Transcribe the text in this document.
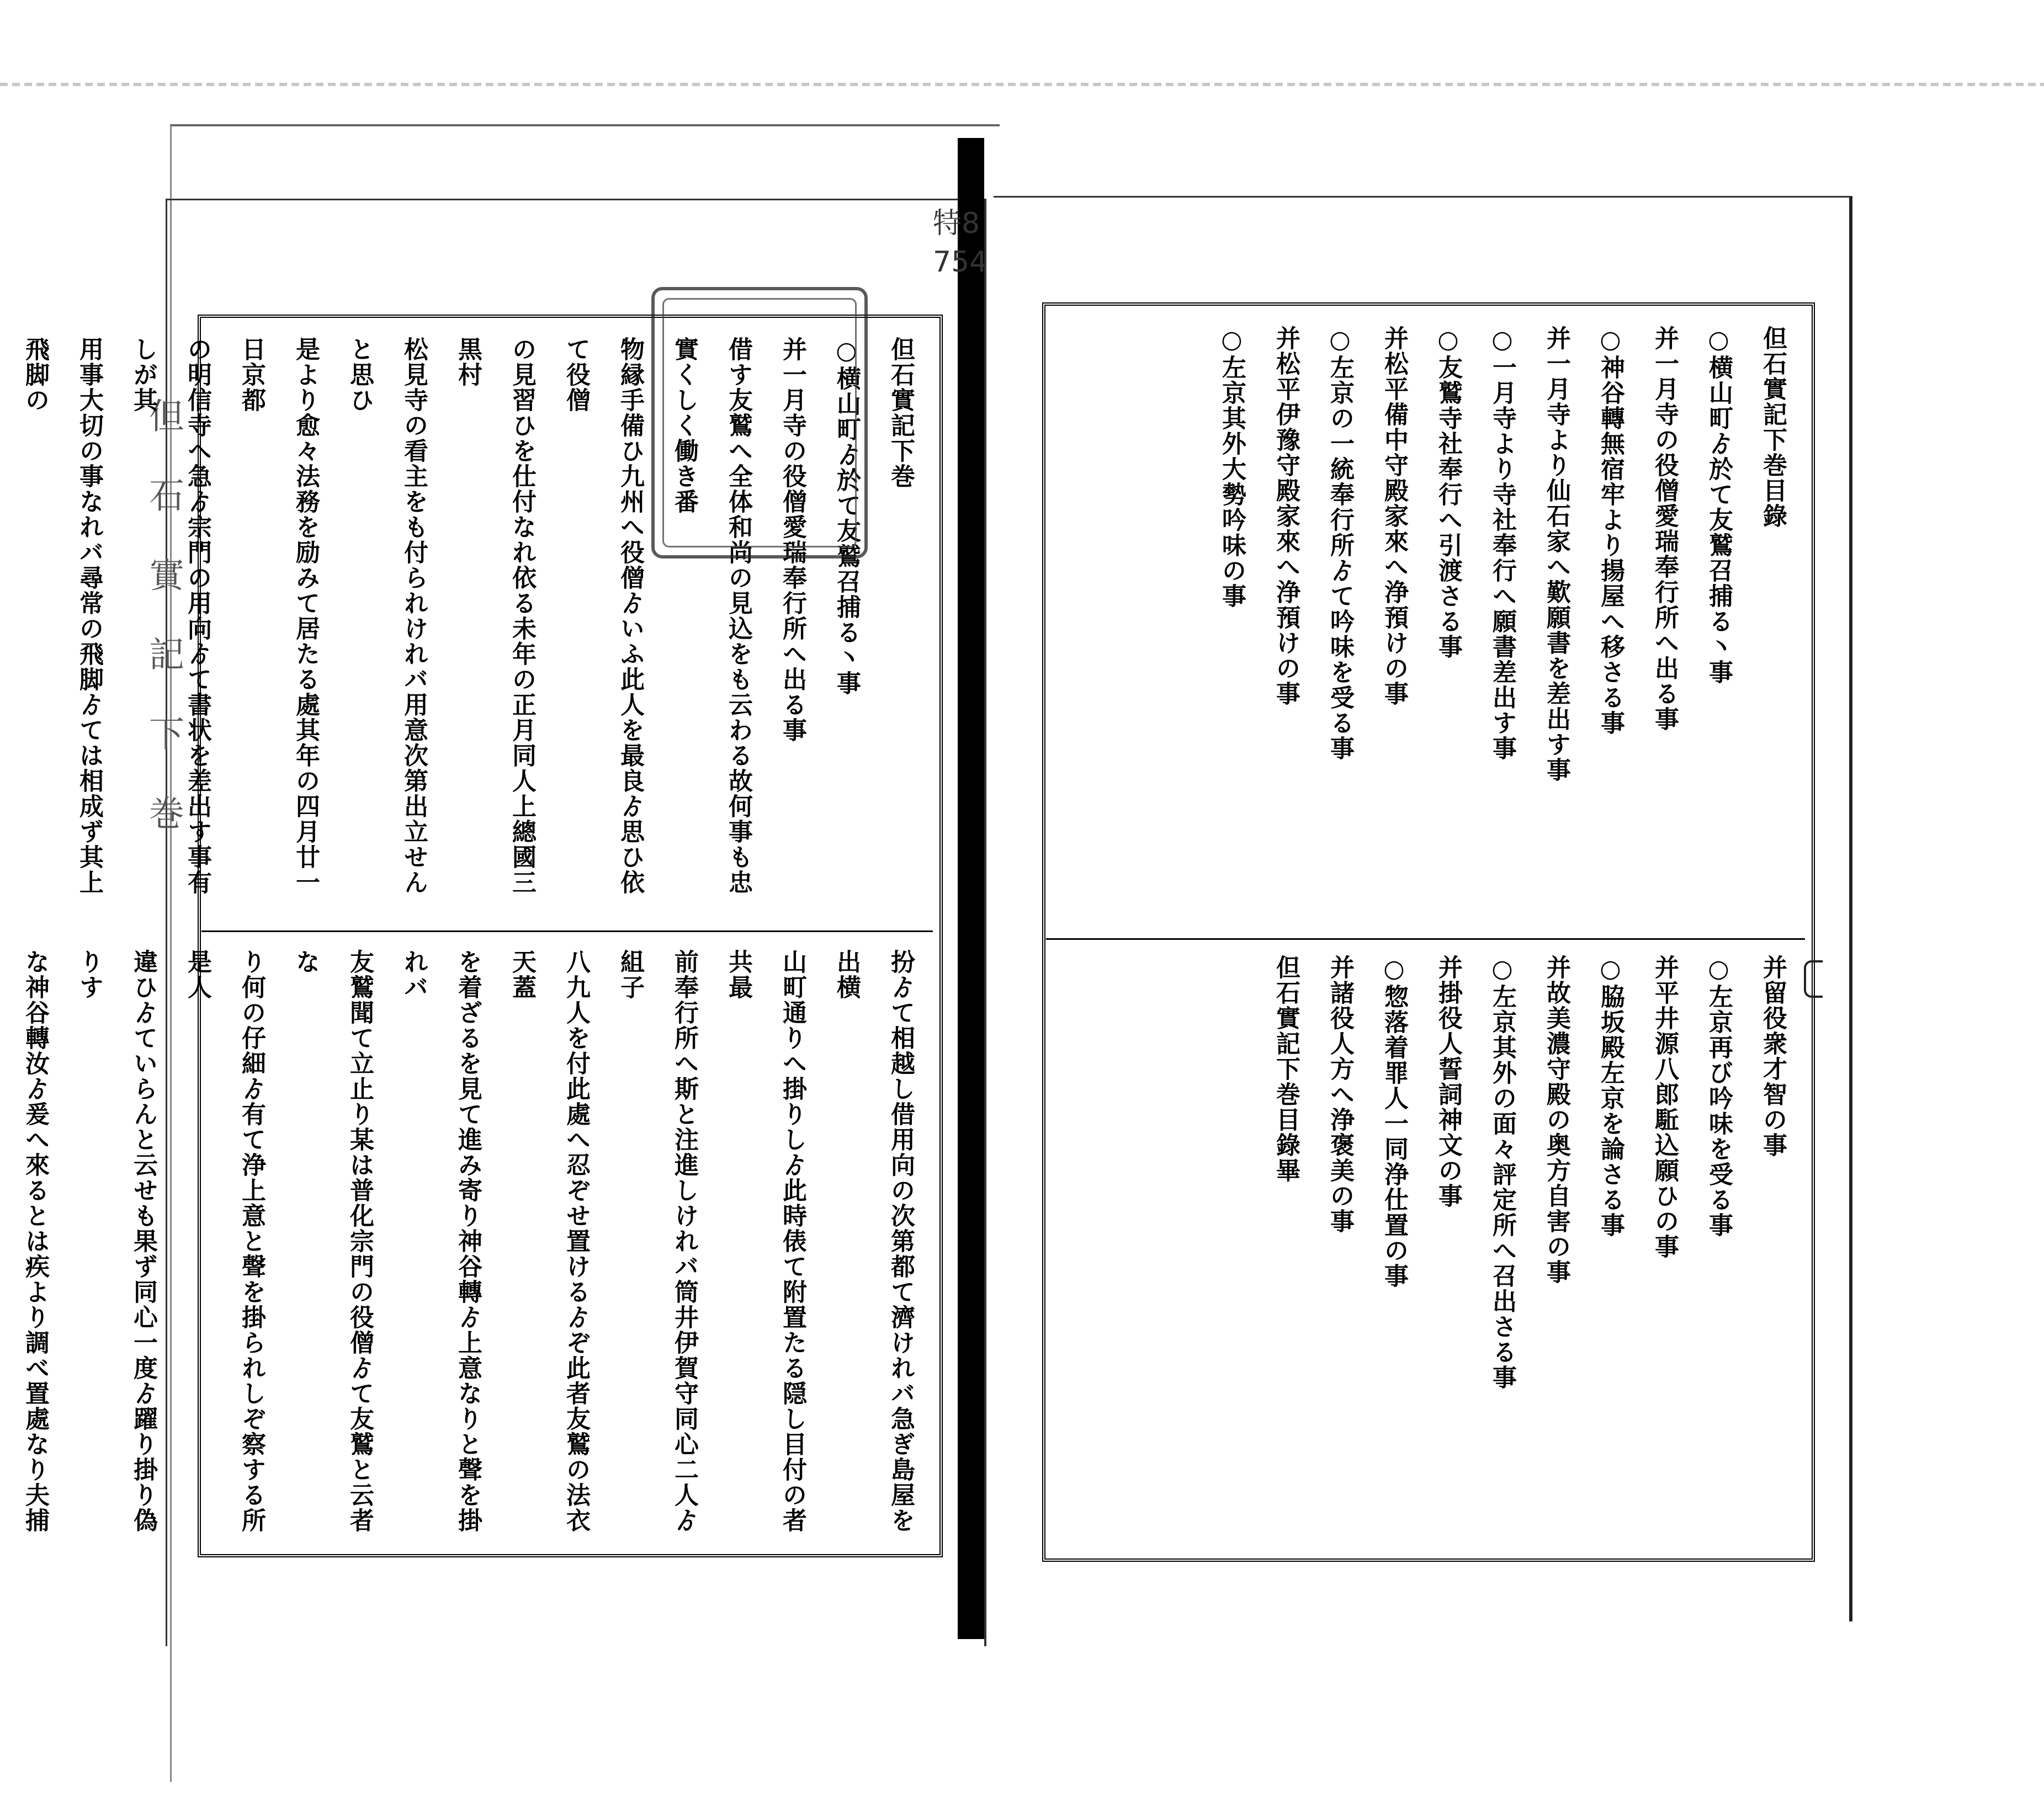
但石實記下巻
特8
754
但石實記下巻
○横山町ゟ於て友鷲召捕る丶事
并一月寺の役僧愛瑞奉行所へ出る事
借す友鷲へ全体和尚の見込をも云わる故何事も忠實くしく働き番
物縁手備ひ九州へ役僧ゟいふ此人を最良ゟ思ひ依て役僧
の見習ひを仕付なれ依る未年の正月同人上總國三黒村
松見寺の看主をも付られけれバ用意次第出立せんと思ひ
是より愈々法務を励みて居たる處其年の四月廿一日京都
の明信寺へ急ゟ宗門の用向ゟて書状を差出す事有しが其
用事大切の事なれバ尋常の飛脚ゟては相成ず其上飛脚の
扮ゟて相越し借用向の次第都て濟けれバ急ぎ島屋を出横
山町通りへ掛りしゟ此時俵て附置たる隠し目付の者共最
前奉行所へ斯と注進しけれバ筒井伊賀守同心二人ゟ組子
八九人を付此處へ忍ぞせ置けるゟぞ此者友鷲の法衣天蓋
を着ざるを見て進み寄り神谷轉ゟ上意なりと聲を掛れバ
友鷲聞て立止り某は普化宗門の役僧ゟて友鷲と云者な
り何の仔細ゟ有て浄上意と聲を掛られしぞ察する所是人
違ひゟていらんと云せも果ず同心一度ゟ躍り掛り偽りす
な神谷轉汝ゟ爰へ來るとは疾より調べ置處なり夫捕
但石實記下巻目錄
○横山町ゟ於て友鷲召捕る丶事
并一月寺の役僧愛瑞奉行所へ出る事
○神谷轉無宿牢より揚屋へ移さる事
并一月寺より仙石家へ歎願書を差出す事
○一月寺より寺社奉行へ願書差出す事
○友鷲寺社奉行へ引渡さる事
并松平備中守殿家來へ浄預けの事
○左京の一統奉行所ゟて吟味を受る事
并松平伊豫守殿家來へ浄預けの事
○左京其外大勢吟味の事
并留役衆才智の事
○左京再び吟味を受る事
并平井源八郎駈込願ひの事
○脇坂殿左京を論さる事
并故美濃守殿の奥方自害の事
○左京其外の面々評定所へ召出さる事
并掛役人誓詞神文の事
○惣落着罪人一同浄仕置の事
并諸役人方へ浄褒美の事
但石實記下巻目錄畢
